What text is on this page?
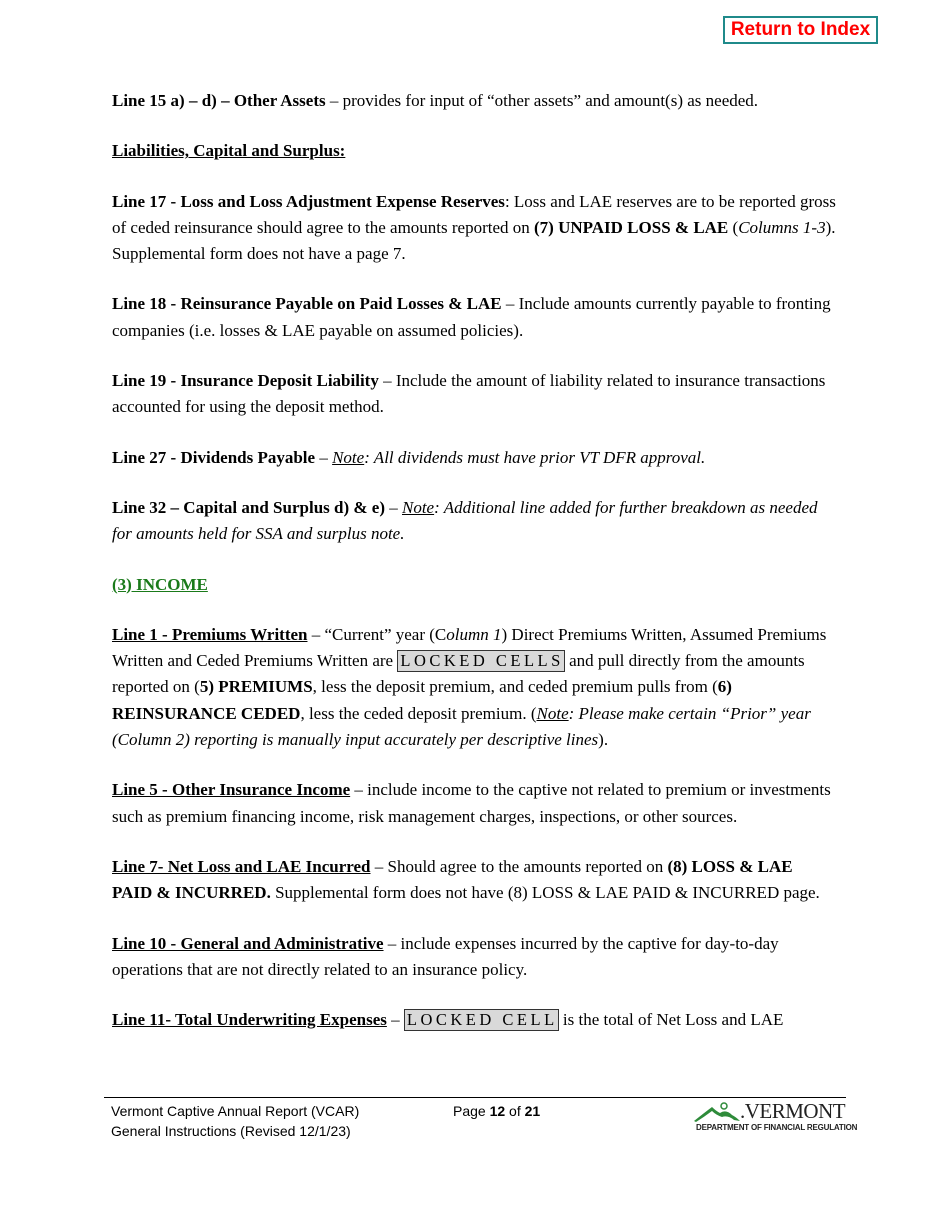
Return to Index

Line 15 a) – d) – Other Assets – provides for input of “other assets” and amount(s) as needed.

Liabilities, Capital and Surplus:

Line 17 - Loss and Loss Adjustment Expense Reserves: Loss and LAE reserves are to be reported gross of ceded reinsurance should agree to the amounts reported on (7) UNPAID LOSS & LAE (Columns 1-3). Supplemental form does not have a page 7.

Line 18 - Reinsurance Payable on Paid Losses & LAE – Include amounts currently payable to fronting companies (i.e. losses & LAE payable on assumed policies).

Line 19 - Insurance Deposit Liability – Include the amount of liability related to insurance transactions accounted for using the deposit method.

Line 27 - Dividends Payable – Note: All dividends must have prior VT DFR approval.

Line 32 – Capital and Surplus d) & e) – Note: Additional line added for further breakdown as needed for amounts held for SSA and surplus note.

(3) INCOME

Line 1 - Premiums Written – “Current” year (Column 1) Direct Premiums Written, Assumed Premiums Written and Ceded Premiums Written are LOCKED CELLS and pull directly from the amounts reported on (5) PREMIUMS, less the deposit premium, and ceded premium pulls from (6) REINSURANCE CEDED, less the ceded deposit premium. (Note: Please make certain “Prior” year (Column 2) reporting is manually input accurately per descriptive lines).

Line 5 - Other Insurance Income – include income to the captive not related to premium or investments such as premium financing income, risk management charges, inspections, or other sources.

Line 7- Net Loss and LAE Incurred – Should agree to the amounts reported on (8) LOSS & LAE PAID & INCURRED. Supplemental form does not have (8) LOSS & LAE PAID & INCURRED page.

Line 10 - General and Administrative – include expenses incurred by the captive for day-to-day operations that are not directly related to an insurance policy.

Line 11- Total Underwriting Expenses – LOCKED CELL is the total of Net Loss and LAE

Vermont Captive Annual Report (VCAR)
General Instructions (Revised 12/1/23)
Page 12 of 21	.VERMONT
DEPARTMENT OF FINANCIAL REGULATION
